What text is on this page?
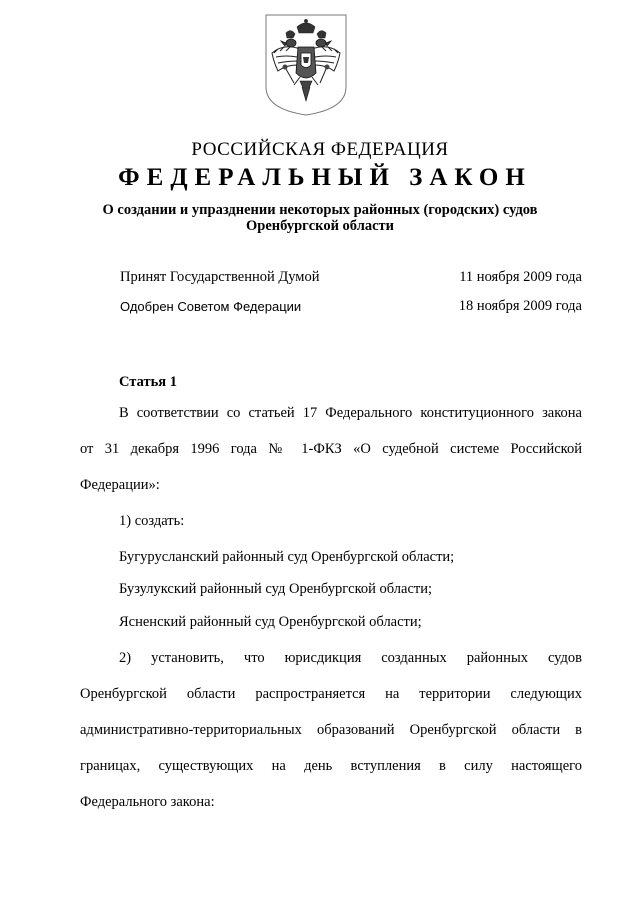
РОССИЙСКАЯ ФЕДЕРАЦИЯ
ФЕДЕРАЛЬНЫЙ ЗАКОН
О создании и упразднении некоторых районных (городских) судов
Оренбургской области
Принят Государственной Думой	11 ноября 2009 года
Одобрен Советом Федерации	18 ноября 2009 года
Статья 1
В соответствии со статьей 17 Федерального конституционного закона
от 31 декабря 1996 года № 1-ФКЗ «О судебной системе Российской
Федерации»:
1) создать:
Бугурусланский районный суд Оренбургской области;
Бузулукский районный суд Оренбургской области;
Ясненский районный суд Оренбургской области;
2) установить, что юрисдикция созданных районных судов
Оренбургской области распространяется на территории следующих
административно-территориальных образований Оренбургской области в
границах, существующих на день вступления в силу настоящего
Федерального закона:
